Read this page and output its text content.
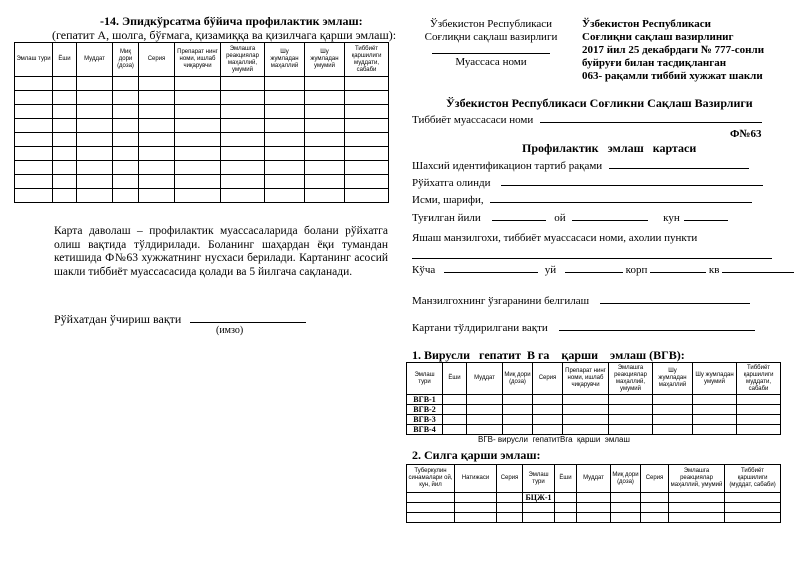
-14. Эпидкўрсатма бўйича профилактик эмлаш:
(гепатит А, шолга, бўғмага, қизамиққа ва қизилчага қарши эмлаш):
Эмлаш тури	Ёши	Муддат	Миқ дори (доза)	Серия	Препарат нинг номи, ишлаб чиқарувчи	Эмлашга реакциялар маҳаллий, умумий	Шу жумладан маҳаллий	Шу жумладан умумий	Тиббиёт қаршилиги муддати, сабаби

Карта даволаш – профилактик муассасаларида болани рўйхатга олиш вақтида тўлдирилади. Боланинг шаҳардан ёқи тумандан кетишида Ф№63 хужжатнинг нусхаси берилади. Картанинг асосий шакли тиббиёт муассасасида қолади ва 5 йилгача сақланади.
Рўйхатдан ўчириш вақти
(имзо)
Ўзбекистон Республикаси
Соғлиқни сақлаш вазирлиги
Муассаса номи
Ўзбекистон Республикаси
Соғлиқни сақлаш вазирлиниг
2017 йил 25 декабрдаги № 777-сонли
буйруғи билан тасдиқланган
063- рақамли тиббий хужжат шакли
Ўзбекистон Республикаси Соғликни Сақлаш Вазирлиги
Тиббиёт муассасаси номи
Ф№63
Профилактик   эмлаш   картаси
Шахсий идентификацион тартиб рақами
Рўйхатга олинди
Исми, шарифи,
Туғилган йили	ой	кун
Яшаш манзилгохи, тиббиёт муассасаси номи, ахолии пункти
Кўча	уй	корп	кв
Манзилгохнинг ўзгаранини белгилаш
Картани тўлдирилгани вақти
1. Вирусли   гепатит  В га    қарши    эмлаш (ВГВ):
Эмлаш тури	Ёши	Муддат	Миқ дори (доза)	Серия	Препарат нинг номи, ишлаб чиқарувчи	Эмлашга реакциялар маҳаллий, умумий	Шу жумладан маҳаллий	Шу жумладан умумий	Тиббиёт қаршилиги муддати, сабаби
ВГВ-1									
ВГВ-2									
ВГВ-3									
ВГВ-4									
ВГВ- вирусли  гепатитВга  қарши  эмлаш
2. Силга қарши эмлаш:
Туберкулин синамалари ой, кун, йил	Натижаси	Серия	Эмлаш тури	Ёши	Муддат	Миқ дори (доза)	Серия	Эмлашга реакциялар маҳаллий, умумий	Тиббиёт қаршилиги (муддат, сабаби)
			БЦЖ-1						
